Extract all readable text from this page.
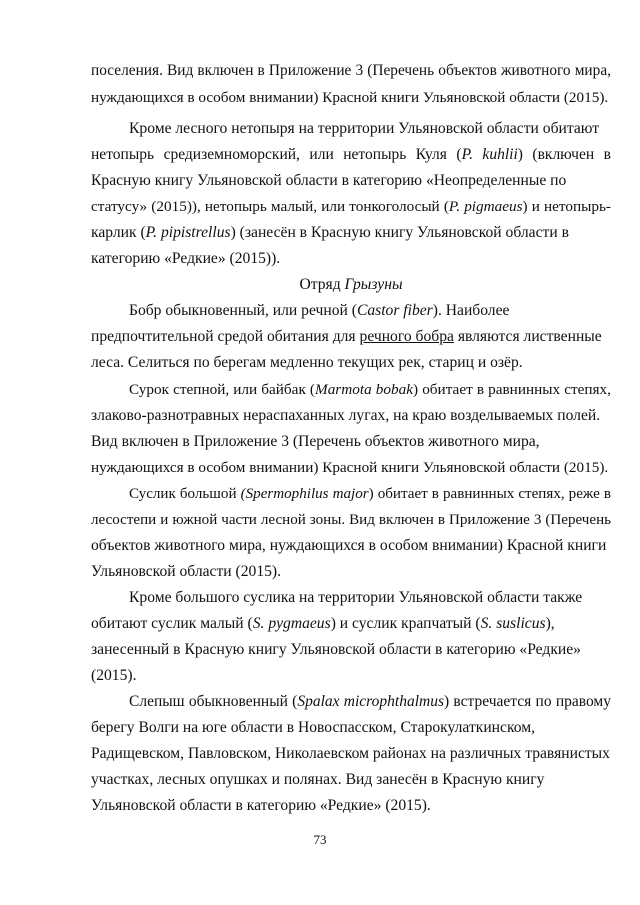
поселения. Вид включен в Приложение 3 (Перечень объектов животного мира,
нуждающихся в особом внимании) Красной книги Ульяновской области (2015).
Кроме лесного нетопыря на территории Ульяновской области обитают
нетопырь средиземноморский, или нетопырь Куля (P. kuhlii) (включен в
Красную книгу Ульяновской области в категорию «Неопределенные по
статусу» (2015)), нетопырь малый, или тонкоголосый (P. pigmaeus) и нетопырь-
карлик (P. pipistrellus) (занесён в Красную книгу Ульяновской области в
категорию «Редкие» (2015)).
Отряд Грызуны
Бобр обыкновенный, или речной (Castor fiber). Наиболее
предпочтительной средой обитания для речного бобра являются лиственные
леса. Селиться по берегам медленно текущих рек, стариц и озёр.
Сурок степной, или байбак (Marmota bobak) обитает в равнинных степях,
злаково-разнотравных нераспаханных лугах, на краю возделываемых полей.
Вид включен в Приложение 3 (Перечень объектов животного мира,
нуждающихся в особом внимании) Красной книги Ульяновской области (2015).
Суслик большой (Spermophilus major) обитает в равнинных степях, реже в
лесостепи и южной части лесной зоны. Вид включен в Приложение 3 (Перечень
объектов животного мира, нуждающихся в особом внимании) Красной книги
Ульяновской области (2015).
Кроме большого суслика на территории Ульяновской области также
обитают суслик малый (S. pygmaeus) и суслик крапчатый (S. suslicus),
занесенный в Красную книгу Ульяновской области в категорию «Редкие»
(2015).
Слепыш обыкновенный (Spalax microphthalmus) встречается по правому
берегу Волги на юге области в Новоспасском, Старокулаткинском,
Радищевском, Павловском, Николаевском районах на различных травянистых
участках, лесных опушках и полянах. Вид занесён в Красную книгу
Ульяновской области в категорию «Редкие» (2015).
73
